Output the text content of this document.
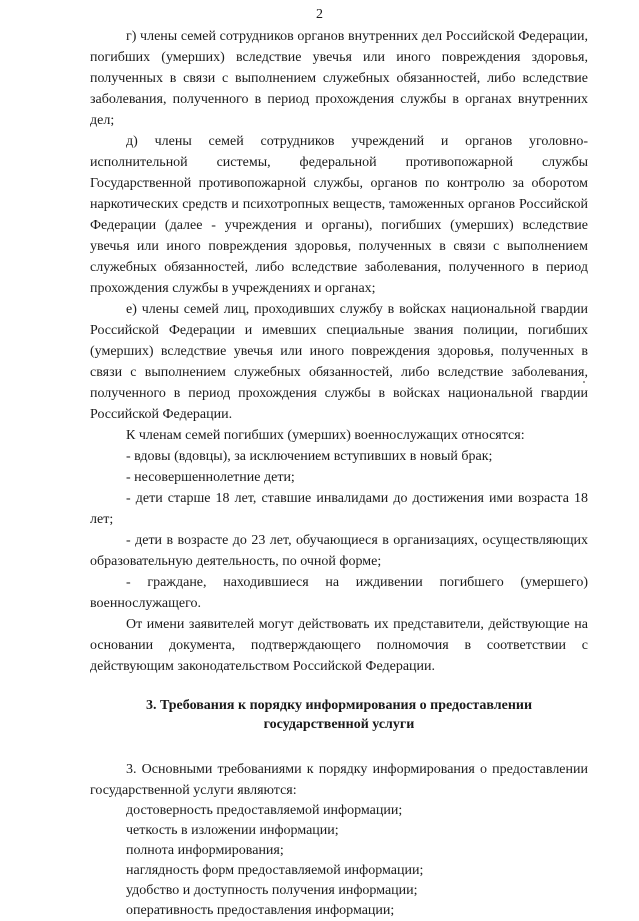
2

г) члены семей сотрудников органов внутренних дел Российской Федерации, погибших (умерших) вследствие увечья или иного повреждения здоровья, полученных в связи с выполнением служебных обязанностей, либо вследствие заболевания, полученного в период прохождения службы в органах внутренних дел;

д) члены семей сотрудников учреждений и органов уголовно-исполнительной системы, федеральной противопожарной службы Государственной противопожарной службы, органов по контролю за оборотом наркотических средств и психотропных веществ, таможенных органов Российской Федерации (далее - учреждения и органы), погибших (умерших) вследствие увечья или иного повреждения здоровья, полученных в связи с выполнением служебных обязанностей, либо вследствие заболевания, полученного в период прохождения службы в учреждениях и органах;

е) члены семей лиц, проходивших службу в войсках национальной гвардии Российской Федерации и имевших специальные звания полиции, погибших (умерших) вследствие увечья или иного повреждения здоровья, полученных в связи с выполнением служебных обязанностей, либо вследствие заболевания, полученного в период прохождения службы в войсках национальной гвардии Российской Федерации.

К членам семей погибших (умерших) военнослужащих относятся:

- вдовы (вдовцы), за исключением вступивших в новый брак;

- несовершеннолетние дети;

- дети старше 18 лет, ставшие инвалидами до достижения ими возраста 18 лет;

- дети в возрасте до 23 лет, обучающиеся в организациях, осуществляющих образовательную деятельность, по очной форме;

- граждане, находившиеся на иждивении погибшего (умершего) военнослужащего.

От имени заявителей могут действовать их представители, действующие на основании документа, подтверждающего полномочия в соответствии с действующим законодательством Российской Федерации.

3. Требования к порядку информирования о предоставлении
государственной услуги

3. Основными требованиями к порядку информирования о предоставлении государственной услуги являются:

достоверность предоставляемой информации;
четкость в изложении информации;
полнота информирования;
наглядность форм предоставляемой информации;
удобство и доступность получения информации;
оперативность предоставления информации;
